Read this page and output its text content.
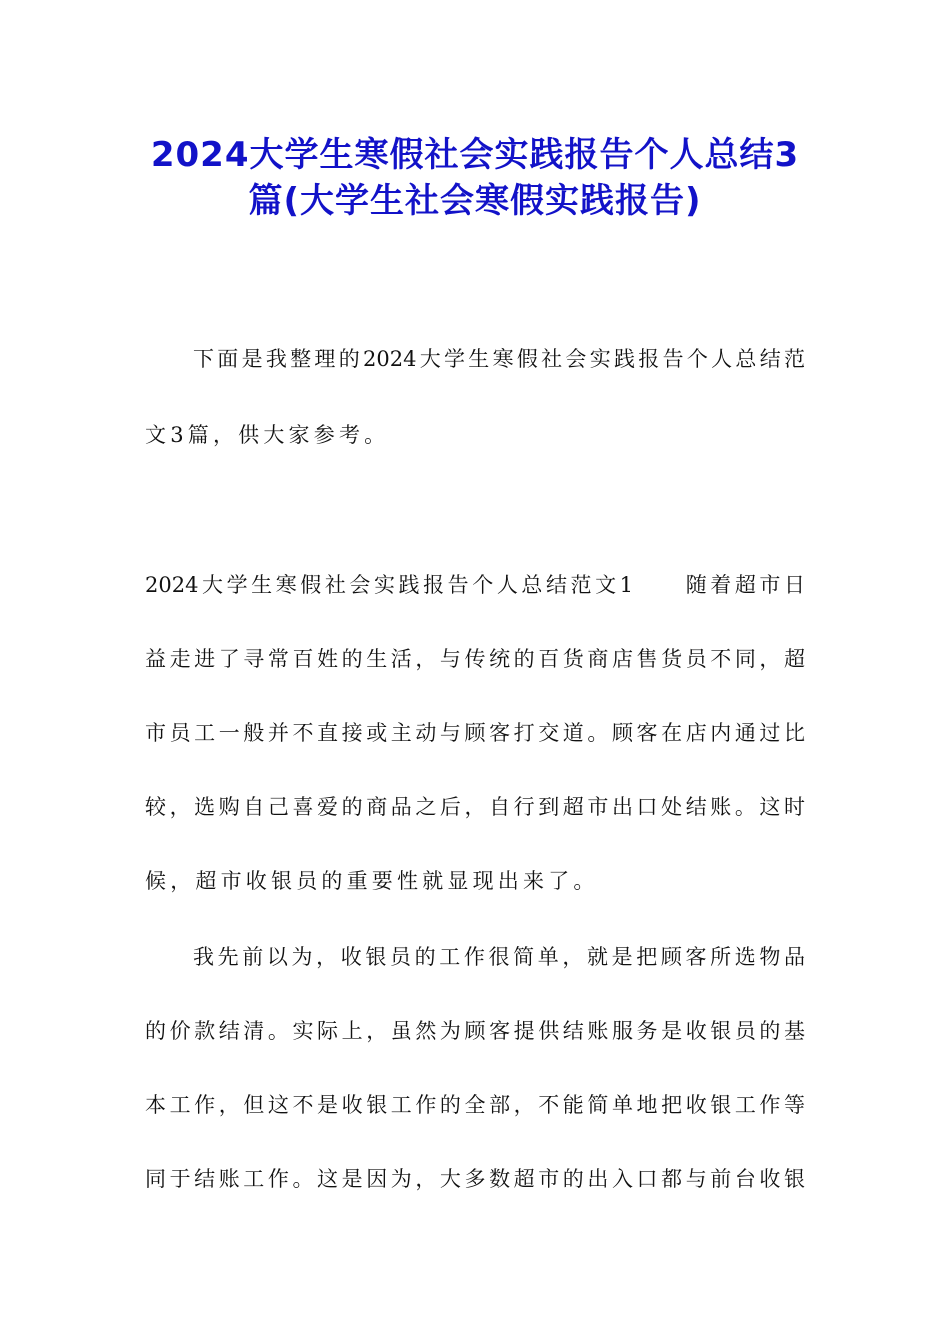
2024大学生寒假社会实践报告个人总结3
篇(大学生社会寒假实践报告)
下面是我整理的2024大学生寒假社会实践报告个人总结范
文3篇，供大家参考。
2024大学生寒假社会实践报告个人总结范文1　　随着超市日
益走进了寻常百姓的生活，与传统的百货商店售货员不同，超
市员工一般并不直接或主动与顾客打交道。顾客在店内通过比
较，选购自己喜爱的商品之后，自行到超市出口处结账。这时
候，超市收银员的重要性就显现出来了。
我先前以为，收银员的工作很简单，就是把顾客所选物品
的价款结清。实际上，虽然为顾客提供结账服务是收银员的基
本工作，但这不是收银工作的全部，不能简单地把收银工作等
同于结账工作。这是因为，大多数超市的出入口都与前台收银
